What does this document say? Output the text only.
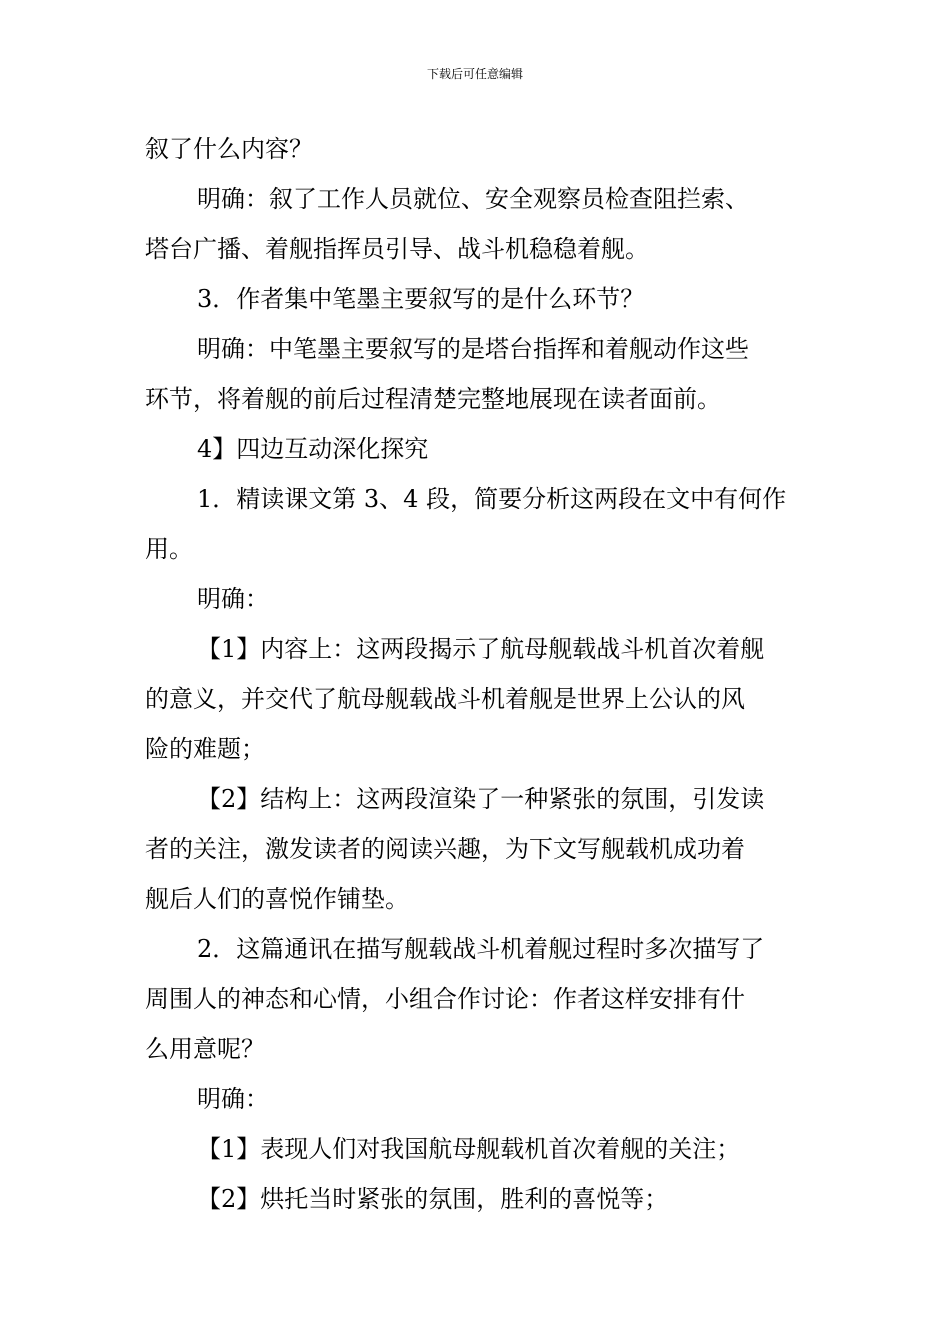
下载后可任意编辑
叙了什么内容？
明确：叙了工作人员就位、安全观察员检查阻拦索、
塔台广播、着舰指挥员引导、战斗机稳稳着舰。
3．作者集中笔墨主要叙写的是什么环节？
明确：中笔墨主要叙写的是塔台指挥和着舰动作这些
环节，将着舰的前后过程清楚完整地展现在读者面前。
4】四边互动深化探究
1．精读课文第 3、4 段，简要分析这两段在文中有何作
用。
明确：
【1】内容上：这两段揭示了航母舰载战斗机首次着舰
的意义，并交代了航母舰载战斗机着舰是世界上公认的风
险的难题；
【2】结构上：这两段渲染了一种紧张的氛围，引发读
者的关注，激发读者的阅读兴趣，为下文写舰载机成功着
舰后人们的喜悦作铺垫。
2．这篇通讯在描写舰载战斗机着舰过程时多次描写了
周围人的神态和心情，小组合作讨论：作者这样安排有什
么用意呢？
明确：
【1】表现人们对我国航母舰载机首次着舰的关注；
【2】烘托当时紧张的氛围，胜利的喜悦等；
